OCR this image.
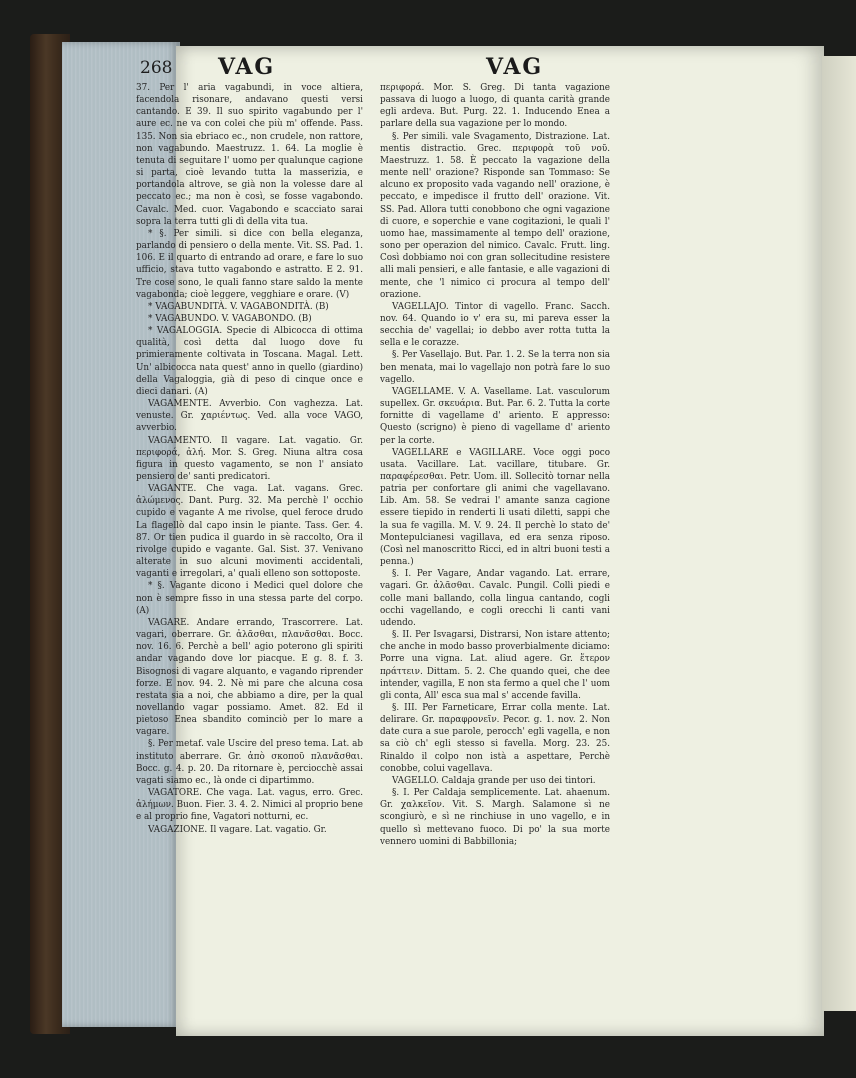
268 VAG	VAG

37. Per l' aria vagabundi, in voce altiera, facendola risonare, andavano questi versi cantando. E 39. Il suo spirito vagabundo per l' aure ec. ne va con colei che più m' offende. Pass. 135. Non sia ebriaco ec., non crudele, non rattore, non vagabundo. Maestruzz. 1. 64. La moglie è tenuta di seguitare l' uomo per qualunque cagione si parta, cioè levando tutta la masserizia, e portandola altrove, se già non la volesse dare al peccato ec.; ma non è così, se fosse vagabondo. Cavalc. Med. cuor. Vagabondo e scacciato sarai sopra la terra tutti gli dì della vita tua.

* §. Per simili. si dice con bella eleganza, parlando di pensiero o della mente. Vit. SS. Pad. 1. 106. E il quarto di entrando ad orare, e fare lo suo ufficio, stava tutto vagabondo e astratto. E 2. 91. Tre cose sono, le quali fanno stare saldo la mente vagabonda; cioè leggere, vegghiare e orare. (V)

* VAGABUNDITÀ. V. VAGABONDITÀ. (B)

* VAGABUNDO. V. VAGABONDO. (B)

* VAGALOGGIA. Specie di Albicocca di ottima qualità, così detta dal luogo dove fu primieramente coltivata in Toscana. Magal. Lett. Un' albicocca nata quest' anno in quello (giardino) della Vagaloggia, già di peso di cinque once e dieci danari. (A)

VAGAMENTE. Avverbio. Con vaghezza. Lat. venuste. Gr. χαριέντως. Ved. alla voce VAGO, avverbio.

VAGAMENTO. Il vagare. Lat. vagatio. Gr. περιφορά, ἀλή. Mor. S. Greg. Niuna altra cosa figura in questo vagamento, se non l' ansiato pensiero de' santi predicatori.

VAGANTE. Che vaga. Lat. vagans. Grec. ἀλώμενος. Dant. Purg. 32. Ma perchè l' occhio cupido e vagante A me rivolse, quel feroce drudo La flagellò dal capo insin le piante. Tass. Ger. 4. 87. Or tien pudica il guardo in sè raccolto, Ora il rivolge cupido e vagante. Gal. Sist. 37. Venivano alterate in suo alcuni movimenti accidentali, vaganti e irregolari, a' quali elleno son sottoposte.

* §. Vagante dicono i Medici quel dolore che non è sempre fisso in una stessa parte del corpo. (A)

VAGARE. Andare errando, Trascorrere. Lat. vagari, oberrare. Gr. ἀλᾶσθαι, πλανᾶσθαι. Bocc. nov. 16. 6. Perchè a bell' agio poterono gli spiriti andar vagando dove lor piacque. E g. 8. f. 3. Bisognosi di vagare alquanto, e vagando riprender forze. E nov. 94. 2. Nè mi pare che alcuna cosa restata sia a noi, che abbiamo a dire, per la qual novellando vagar possiamo. Amet. 82. Ed il pietoso Enea sbandito cominciò per lo mare a vagare.

§. Per metaf. vale Uscire del preso tema. Lat. ab instituto aberrare. Gr. ἀπὸ σκοποῦ πλανᾶσθαι. Bocc. g. 4. p. 20. Da ritornare è, perciocchè assai vagati siamo ec., là onde ci dipartimmo.

VAGATORE. Che vaga. Lat. vagus, erro. Grec. ἀλήμων. Buon. Fier. 3. 4. 2. Nimici al proprio bene e al proprio fine, Vagatori notturni, ec.

VAGAZIONE. Il vagare. Lat. vagatio. Gr.

περιφορά. Mor. S. Greg. Di tanta vagazione passava di luogo a luogo, di quanta carità grande egli ardeva. But. Purg. 22. 1. Inducendo Enea a parlare della sua vagazione per lo mondo.

§. Per simili. vale Svagamento, Distrazione. Lat. mentis distractio. Grec. περιφορὰ τοῦ νοῦ. Maestruzz. 1. 58. È peccato la vagazione della mente nell' orazione? Risponde san Tommaso: Se alcuno ex proposito vada vagando nell' orazione, è peccato, e impedisce il frutto dell' orazione. Vit. SS. Pad. Allora tutti conobbono che ogni vagazione di cuore, e soperchie e vane cogitazioni, le quali l' uomo hae, massimamente al tempo dell' orazione, sono per operazion del nimico. Cavalc. Frutt. ling. Così dobbiamo noi con gran sollecitudine resistere alli mali pensieri, e alle fantasie, e alle vagazioni di mente, che 'l nimico ci procura al tempo dell' orazione.

VAGELLAJO. Tintor di vagello. Franc. Sacch. nov. 64. Quando io v' era su, mi pareva esser la secchia de' vagellai; io debbo aver rotta tutta la sella e le corazze.

§. Per Vasellajo. But. Par. 1. 2. Se la terra non sia ben menata, mai lo vagellajo non potrà fare lo suo vagello.

VAGELLAME. V. A. Vasellame. Lat. vasculorum supellex. Gr. σκευάρια. But. Par. 6. 2. Tutta la corte fornitte di vagellame d' ariento. E appresso: Questo (scrigno) è pieno di vagellame d' ariento per la corte.

VAGELLARE e VAGILLARE. Voce oggi poco usata. Vacillare. Lat. vacillare, titubare. Gr. παραφέρεσθαι. Petr. Uom. ill. Sollecitò tornar nella patria per confortare gli animi che vagellavano. Lib. Am. 58. Se vedrai l' amante sanza cagione essere tiepido in renderti li usati diletti, sappi che la sua fe vagilla. M. V. 9. 24. Il perchè lo stato de' Montepulcianesi vagillava, ed era senza riposo. (Così nel manoscritto Ricci, ed in altri buoni testi a penna.)

§. I. Per Vagare, Andar vagando. Lat. errare, vagari. Gr. ἀλᾶσθαι. Cavalc. Pungil. Colli piedi e colle mani ballando, colla lingua cantando, cogli occhi vagellando, e cogli orecchi li canti vani udendo.

§. II. Per Isvagarsi, Distrarsi, Non istare attento; che anche in modo basso proverbialmente diciamo: Porre una vigna. Lat. aliud agere. Gr. ἕτερον πράττειν. Dittam. 5. 2. Che quando quei, che dee intender, vagilla, E non sta fermo a quel che l' uom gli conta, All' esca sua mal s' accende favilla.

§. III. Per Farneticare, Errar colla mente. Lat. delirare. Gr. παραφρονεῖν. Pecor. g. 1. nov. 2. Non date cura a sue parole, perocch' egli vagella, e non sa ciò ch' egli stesso si favella. Morg. 23. 25. Rinaldo il colpo non istà a aspettare, Perchè conobbe, colui vagellava.

VAGELLO. Caldaja grande per uso dei tintori.

§. I. Per Caldaja semplicemente. Lat. ahaenum. Gr. χαλκεῖον. Vit. S. Margh. Salamone sì ne scongiurò, e sì ne rinchiuse in uno vagello, e in quello sì mettevano fuoco. Di po' la sua morte vennero uomini di Babbillonia;
